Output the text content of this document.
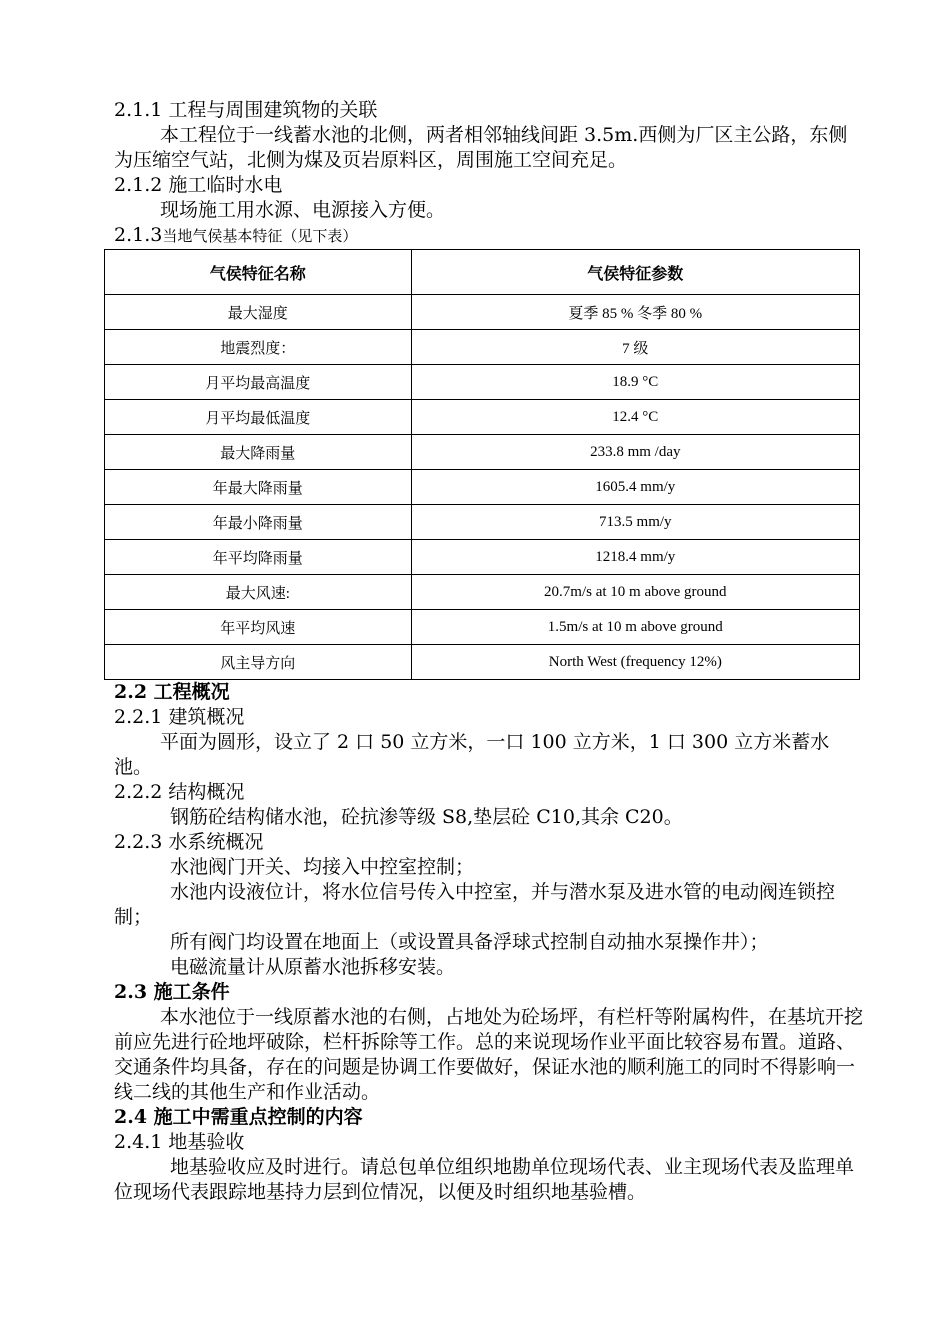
2.1.1 工程与周围建筑物的关联
本工程位于一线蓄水池的北侧，两者相邻轴线间距 3.5m.西侧为厂区主公路，东侧为压缩空气站，北侧为煤及页岩原料区，周围施工空间充足。
2.1.2 施工临时水电
现场施工用水源、电源接入方便。
2.1.3当地气侯基本特征（见下表）
气侯特征名称	气侯特征参数
最大湿度	夏季 85 % 冬季 80 %
地震烈度：	7 级
月平均最高温度	18.9 °C
月平均最低温度	12.4 °C
最大降雨量	233.8 mm /day
年最大降雨量	1605.4 mm/y
年最小降雨量	713.5 mm/y
年平均降雨量	1218.4 mm/y
最大风速:	20.7m/s at 10 m above ground
年平均风速	1.5m/s at 10 m above ground
风主导方向	North West (frequency 12%)
2.2 工程概况
2.2.1 建筑概况
平面为圆形，设立了 2 口 50 立方米，一口 100 立方米，1 口 300 立方米蓄水池。
2.2.2 结构概况
钢筋砼结构储水池，砼抗渗等级 S8,垫层砼 C10,其余 C20。
2.2.3 水系统概况
水池阀门开关、均接入中控室控制；
水池内设液位计，将水位信号传入中控室，并与潜水泵及进水管的电动阀连锁控制；
所有阀门均设置在地面上（或设置具备浮球式控制自动抽水泵操作井）；
电磁流量计从原蓄水池拆移安装。
2.3 施工条件
本水池位于一线原蓄水池的右侧，占地处为砼场坪，有栏杆等附属构件，在基坑开挖前应先进行砼地坪破除，栏杆拆除等工作。总的来说现场作业平面比较容易布置。道路、交通条件均具备，存在的问题是协调工作要做好，保证水池的顺利施工的同时不得影响一线二线的其他生产和作业活动。
2.4 施工中需重点控制的内容
2.4.1 地基验收
地基验收应及时进行。请总包单位组织地勘单位现场代表、业主现场代表及监理单位现场代表跟踪地基持力层到位情况，以便及时组织地基验槽。
